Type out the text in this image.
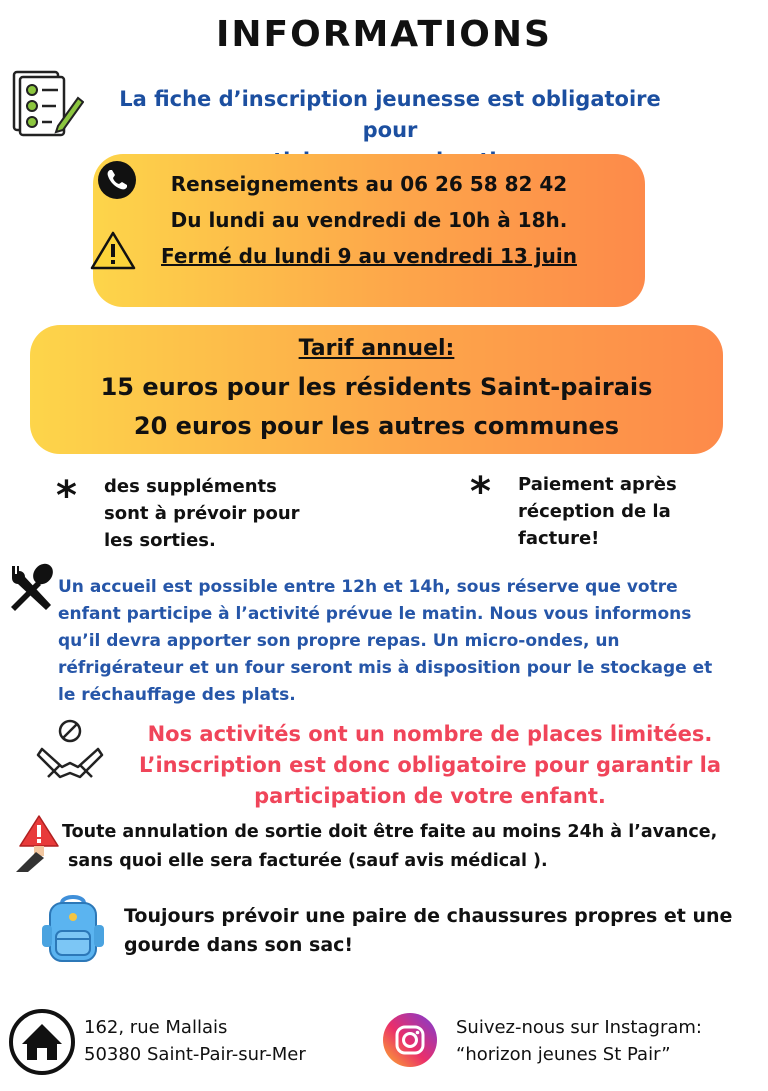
INFORMATIONS
La fiche d’inscription jeunesse est obligatoire pour
Renseignements au 06 26 58 82 42
Du lundi au vendredi de 10h à 18h.
Fermé du lundi 9 au vendredi 13 juin
Tarif annuel:
15 euros pour les résidents Saint-pairais
20 euros pour les autres communes
* des suppléments
sont à prévoir pour
les sorties.
* Paiement après
réception de la
facture!
Un accueil est possible entre 12h et 14h, sous réserve que votre
enfant participe à l’activité prévue le matin. Nous vous informons
qu’il devra apporter son propre repas. Un micro-ondes, un
réfrigérateur et un four seront mis à disposition pour le stockage et
le réchauffage des plats.
Nos activités ont un nombre de places limitées.
L’inscription est donc obligatoire pour garantir la
participation de votre enfant.
Toute annulation de sortie doit être faite au moins 24h à l’avance,
sans quoi elle sera facturée (sauf avis médical ).
Toujours prévoir une paire de chaussures propres et une
gourde dans son sac!
162, rue Mallais
50380 Saint-Pair-sur-Mer
Suivez-nous sur Instagram:
“horizon jeunes St Pair”
